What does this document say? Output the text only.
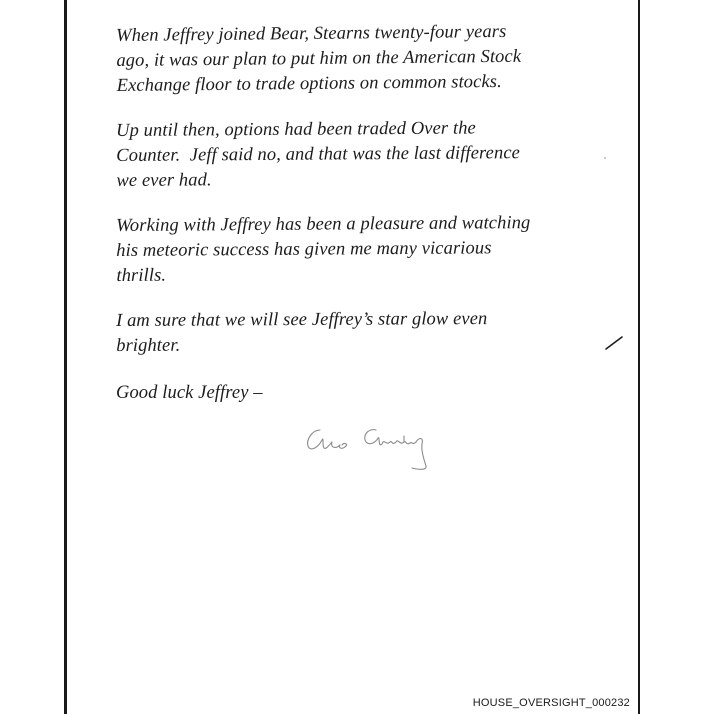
When Jeffrey joined Bear, Stearns twenty-four years
ago, it was our plan to put him on the American Stock
Exchange floor to trade options on common stocks.

Up until then, options had been traded Over the
Counter.  Jeff said no, and that was the last difference
we ever had.

Working with Jeffrey has been a pleasure and watching
his meteoric success has given me many vicarious
thrills.

I am sure that we will see Jeffrey’s star glow even
brighter.

Good luck Jeffrey –

HOUSE_OVERSIGHT_000232
